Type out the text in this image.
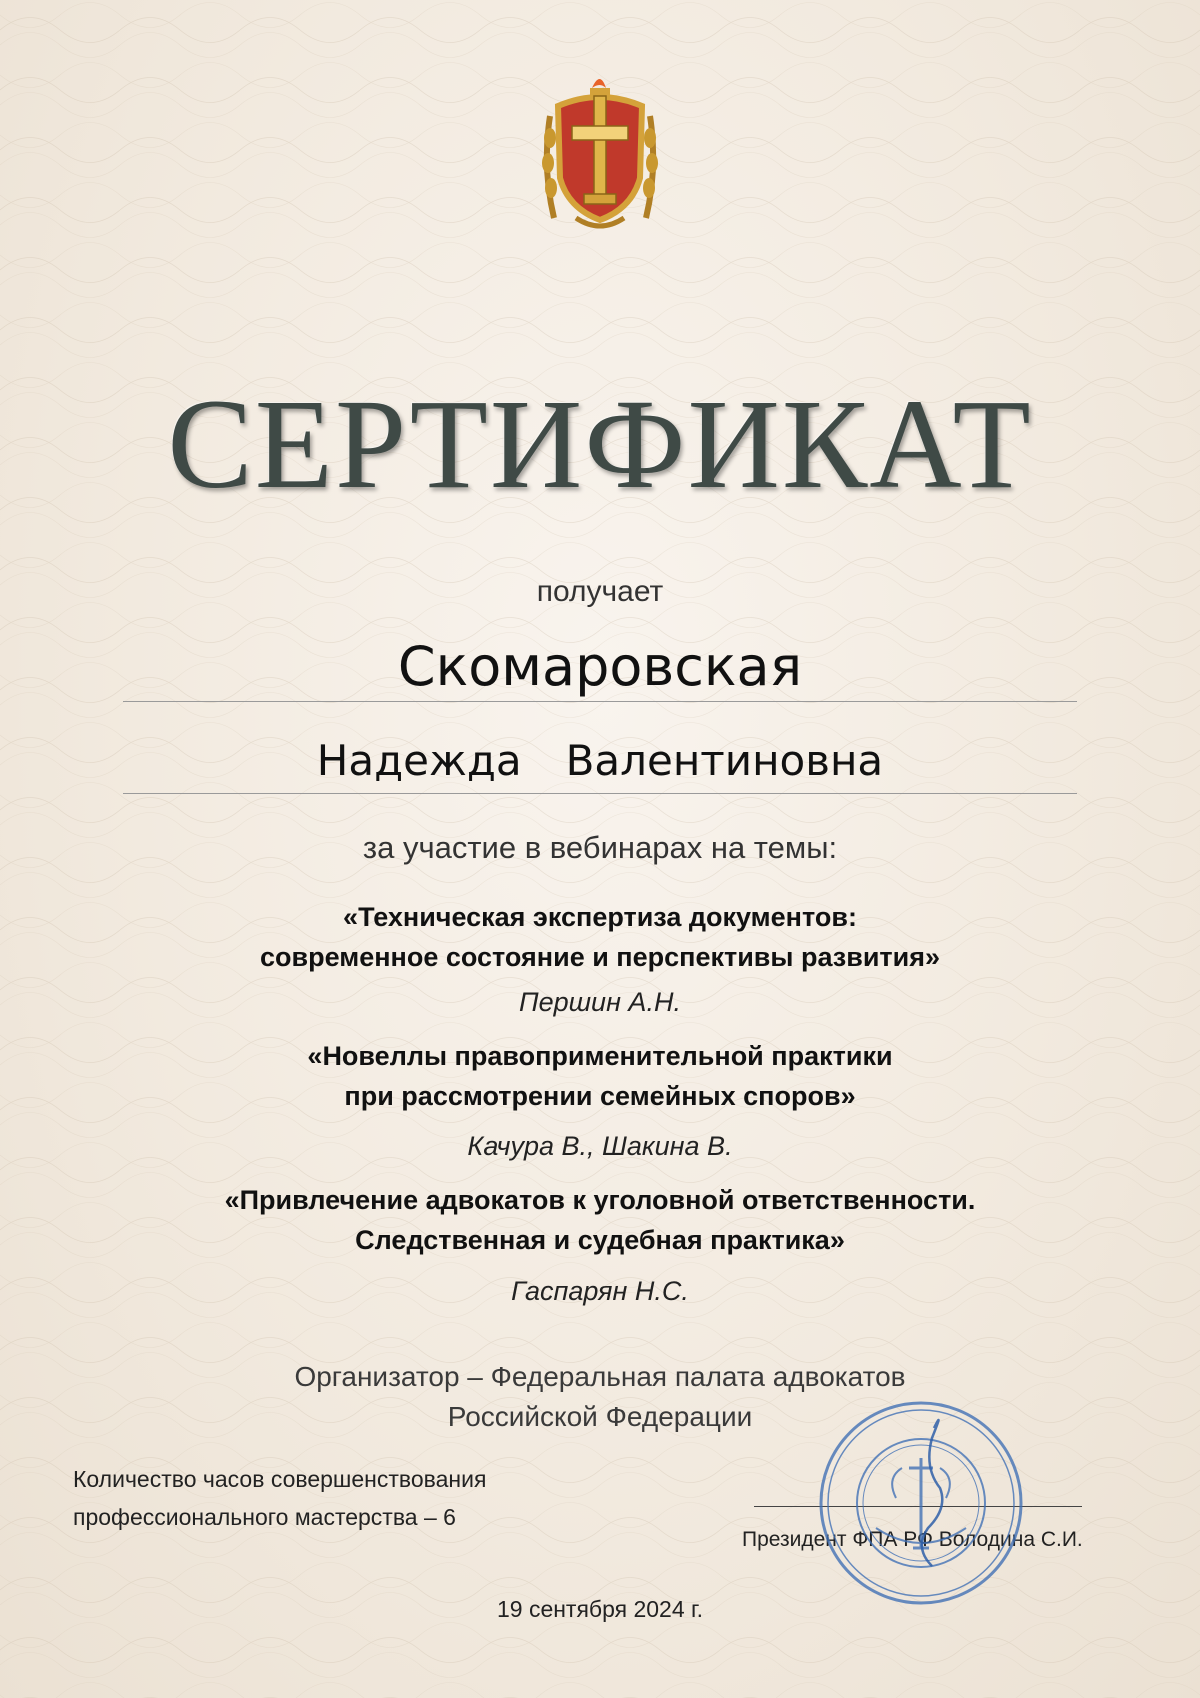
СЕРТИФИКАТ
получает
Скомаровская
Надежда Валентиновна
за участие в вебинарах на темы:
«Техническая экспертиза документов:
современное состояние и перспективы развития»
Першин А.Н.
«Новеллы правоприменительной практики
при рассмотрении семейных споров»
Качура В., Шакина В.
«Привлечение адвокатов к уголовной ответственности.
Следственная и судебная практика»
Гаспарян Н.С.
Организатор – Федеральная палата адвокатов
Российской Федерации
Количество часов совершенствования
профессионального мастерства – 6
Президент ФПА РФ Володина С.И.
19 сентября 2024 г.
